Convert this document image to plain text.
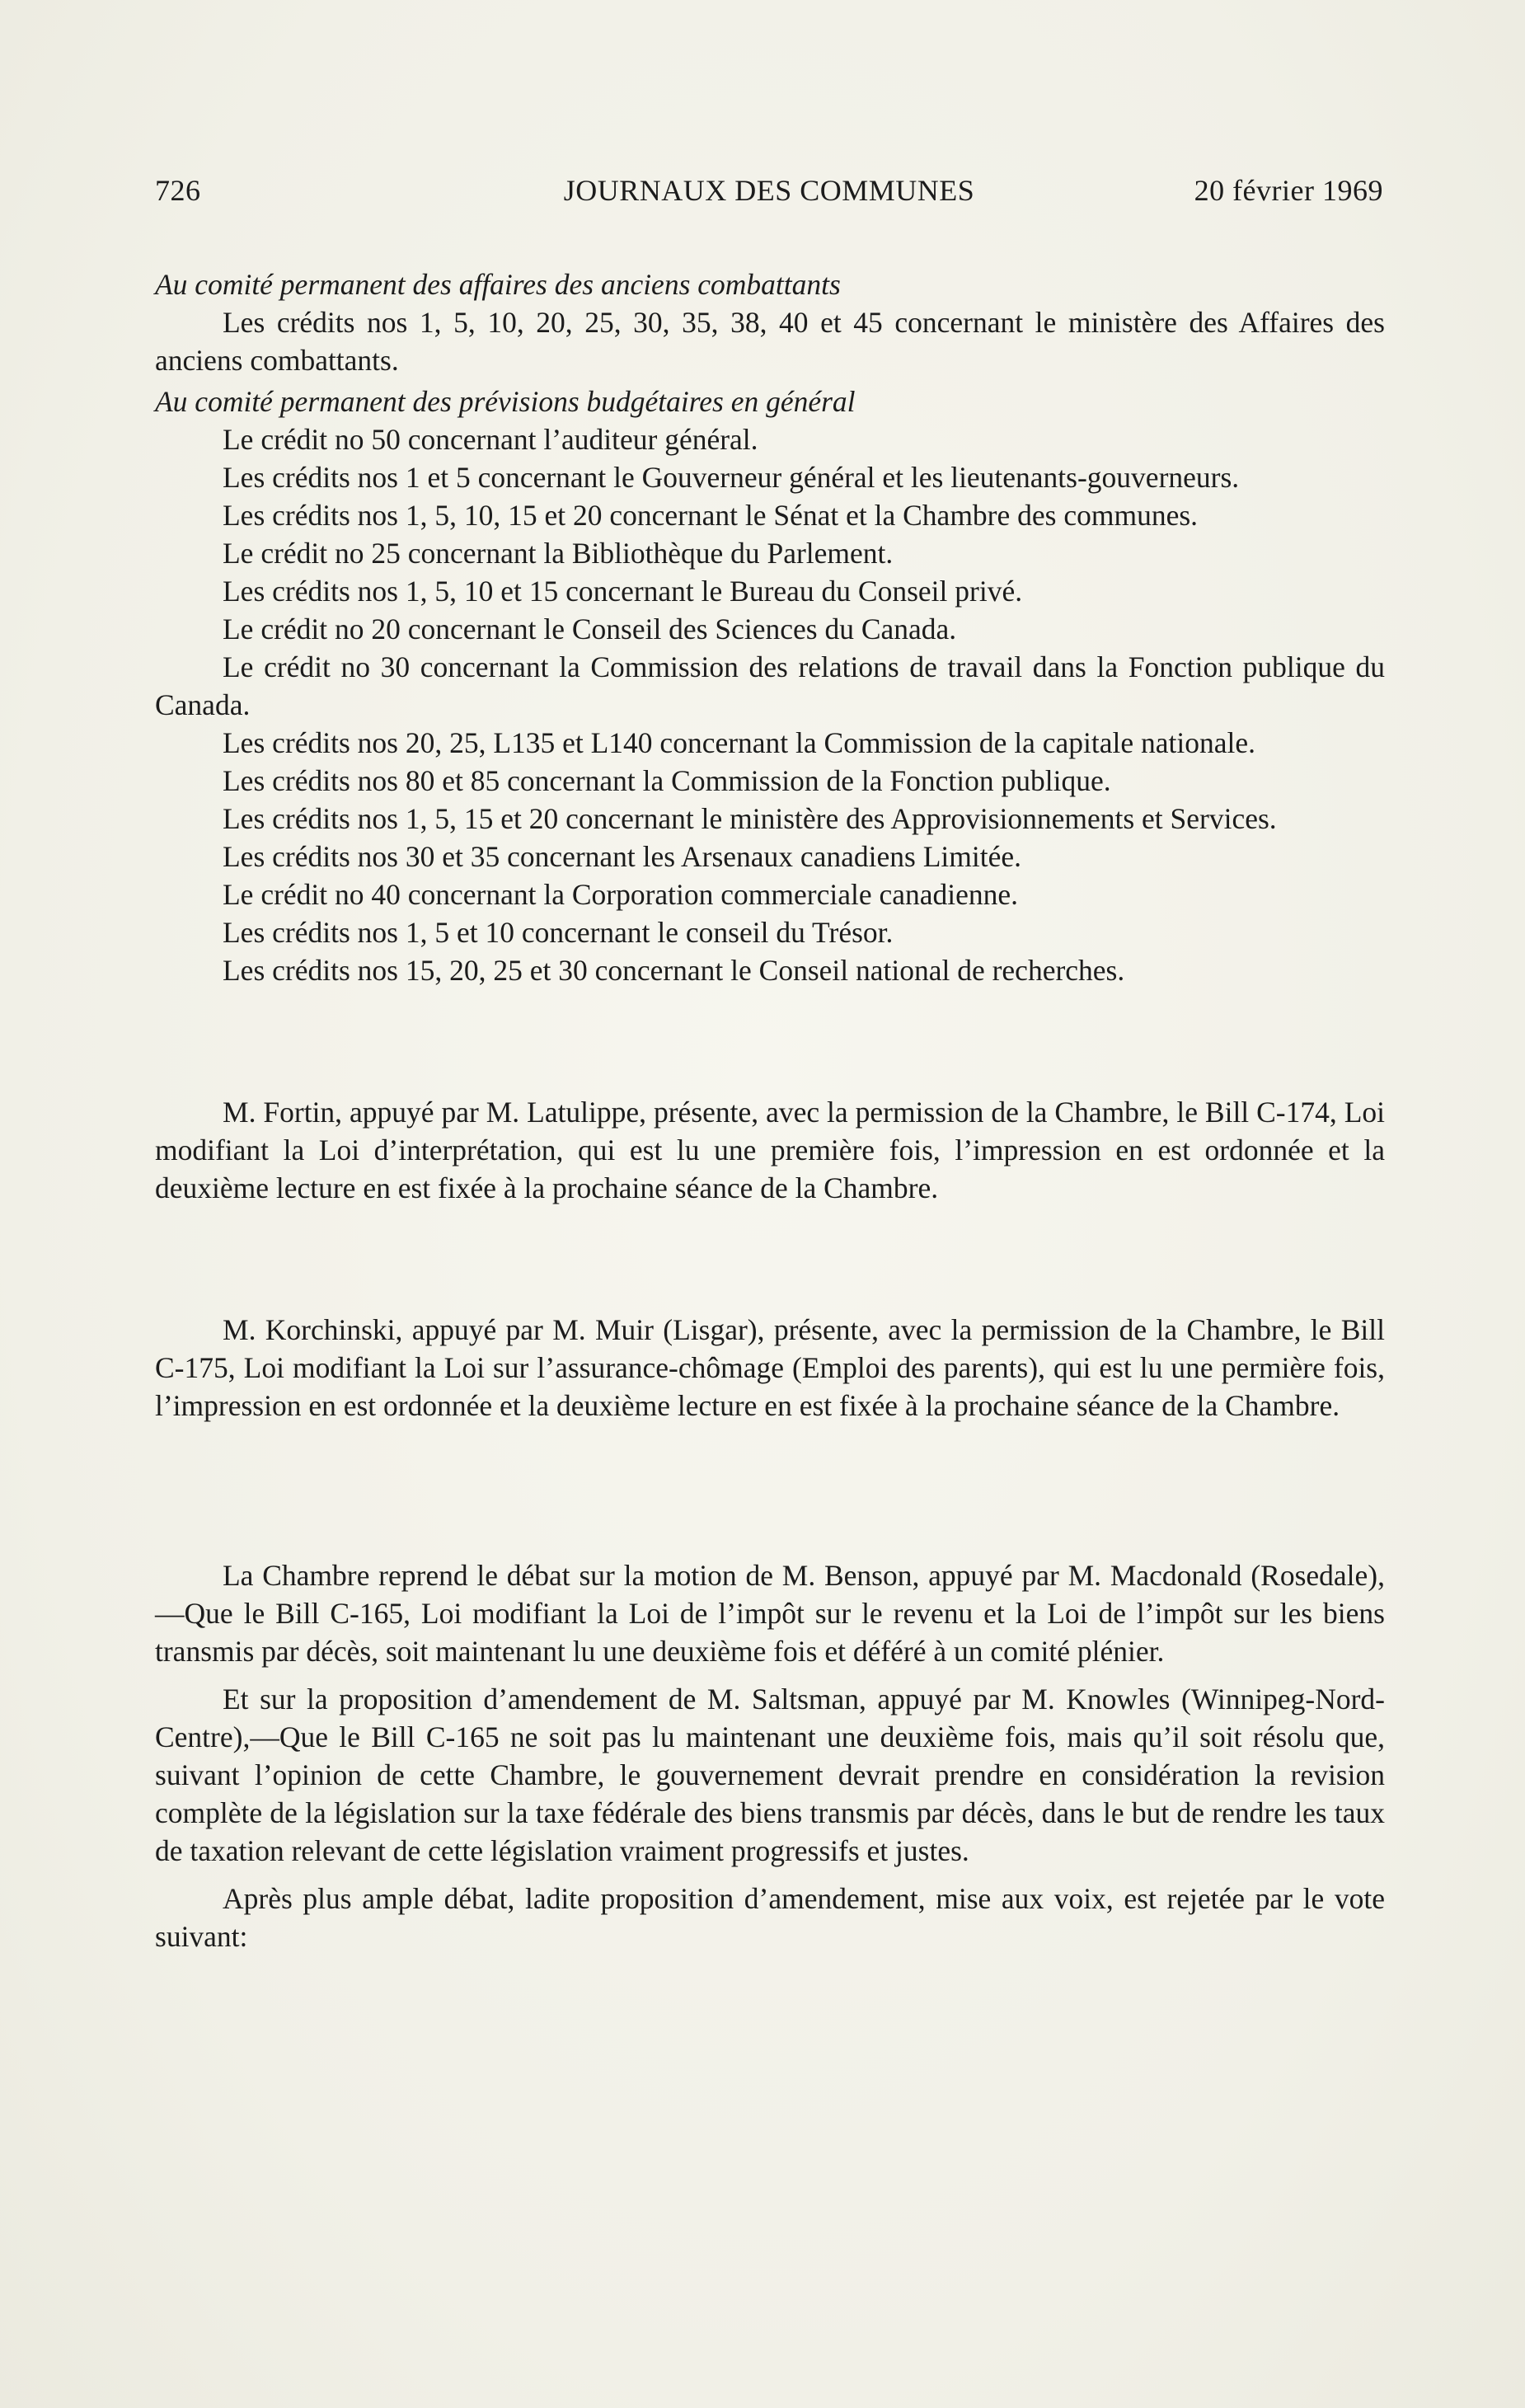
726	JOURNAUX DES COMMUNES	20 février 1969

Au comité permanent des affaires des anciens combattants

Les crédits nos 1, 5, 10, 20, 25, 30, 35, 38, 40 et 45 concernant le ministère des Affaires des anciens combattants.

Au comité permanent des prévisions budgétaires en général

Le crédit no 50 concernant l’auditeur général.

Les crédits nos 1 et 5 concernant le Gouverneur général et les lieutenants-gouverneurs.

Les crédits nos 1, 5, 10, 15 et 20 concernant le Sénat et la Chambre des communes.

Le crédit no 25 concernant la Bibliothèque du Parlement.

Les crédits nos 1, 5, 10 et 15 concernant le Bureau du Conseil privé.

Le crédit no 20 concernant le Conseil des Sciences du Canada.

Le crédit no 30 concernant la Commission des relations de travail dans la Fonction publique du Canada.

Les crédits nos 20, 25, L135 et L140 concernant la Commission de la capitale nationale.

Les crédits nos 80 et 85 concernant la Commission de la Fonction publique.

Les crédits nos 1, 5, 15 et 20 concernant le ministère des Approvisionnements et Services.

Les crédits nos 30 et 35 concernant les Arsenaux canadiens Limitée.

Le crédit no 40 concernant la Corporation commerciale canadienne.

Les crédits nos 1, 5 et 10 concernant le conseil du Trésor.

Les crédits nos 15, 20, 25 et 30 concernant le Conseil national de recherches.

M. Fortin, appuyé par M. Latulippe, présente, avec la permission de la Chambre, le Bill C-174, Loi modifiant la Loi d’interprétation, qui est lu une première fois, l’impression en est ordonnée et la deuxième lecture en est fixée à la prochaine séance de la Chambre.

M. Korchinski, appuyé par M. Muir (Lisgar), présente, avec la permission de la Chambre, le Bill C-175, Loi modifiant la Loi sur l’assurance-chômage (Emploi des parents), qui est lu une permière fois, l’impression en est ordonnée et la deuxième lecture en est fixée à la prochaine séance de la Chambre.

La Chambre reprend le débat sur la motion de M. Benson, appuyé par M. Macdonald (Rosedale),—Que le Bill C-165, Loi modifiant la Loi de l’impôt sur le revenu et la Loi de l’impôt sur les biens transmis par décès, soit maintenant lu une deuxième fois et déféré à un comité plénier.

Et sur la proposition d’amendement de M. Saltsman, appuyé par M. Knowles (Winnipeg-Nord-Centre),—Que le Bill C-165 ne soit pas lu maintenant une deuxième fois, mais qu’il soit résolu que, suivant l’opinion de cette Chambre, le gouvernement devrait prendre en considération la revision complète de la législation sur la taxe fédérale des biens transmis par décès, dans le but de rendre les taux de taxation relevant de cette législation vraiment progressifs et justes.

Après plus ample débat, ladite proposition d’amendement, mise aux voix, est rejetée par le vote suivant:
